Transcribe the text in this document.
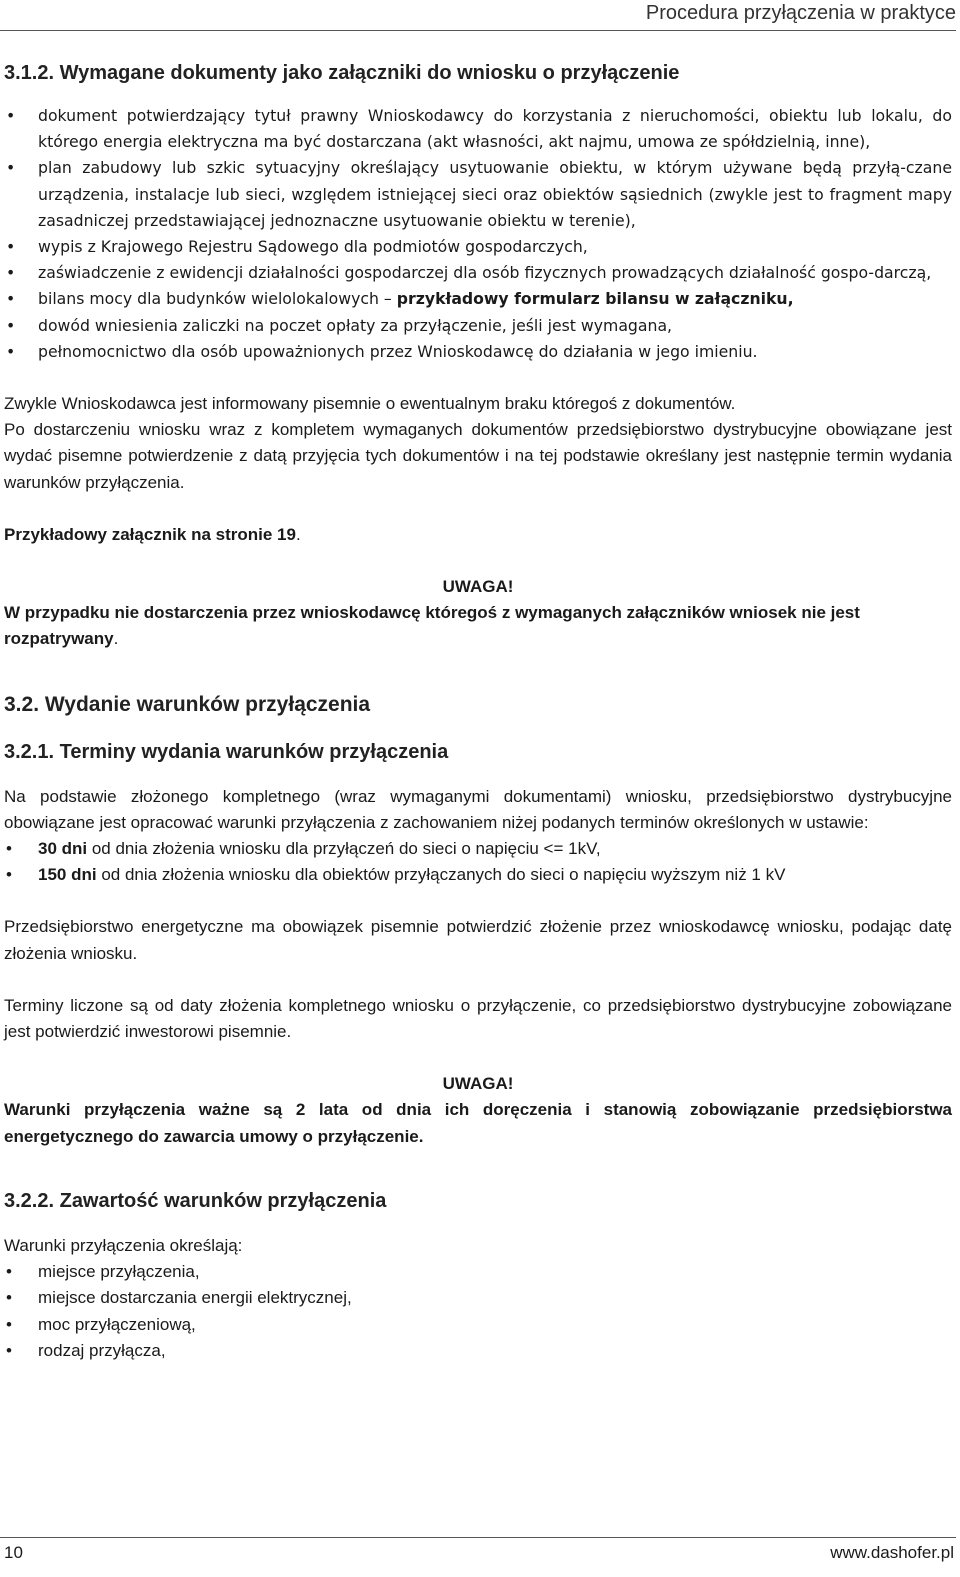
Procedura przyłączenia w praktyce
3.1.2. Wymagane dokumenty jako załączniki do wniosku o przyłączenie
• dokument potwierdzający tytuł prawny Wnioskodawcy do korzystania z nieruchomości, obiektu lub lokalu, do którego energia elektryczna ma być dostarczana (akt własności, akt najmu, umowa ze spółdzielnią, inne),
• plan zabudowy lub szkic sytuacyjny określający usytuowanie obiektu, w którym używane będą przyłą-czane urządzenia, instalacje lub sieci, względem istniejącej sieci oraz obiektów sąsiednich (zwykle jest to fragment mapy zasadniczej przedstawiającej jednoznaczne usytuowanie obiektu w terenie),
• wypis z Krajowego Rejestru Sądowego dla podmiotów gospodarczych,
• zaświadczenie z ewidencji działalności gospodarczej dla osób fizycznych prowadzących działalność gospo-darczą,
• bilans mocy dla budynków wielolokalowych – przykładowy formularz bilansu w załączniku,
• dowód wniesienia zaliczki na poczet opłaty za przyłączenie, jeśli jest wymagana,
• pełnomocnictwo dla osób upoważnionych przez Wnioskodawcę do działania w jego imieniu.

Zwykle Wnioskodawca jest informowany pisemnie o ewentualnym braku któregoś z dokumentów.

Po dostarczeniu wniosku wraz z kompletem wymaganych dokumentów przedsiębiorstwo dystrybucyjne obowiązane jest wydać pisemne potwierdzenie z datą przyjęcia tych dokumentów i na tej podstawie określany jest następnie termin wydania warunków przyłączenia.

Przykładowy załącznik na stronie 19.

UWAGA!

W przypadku nie dostarczenia przez wnioskodawcę któregoś z wymaganych załączników wniosek nie jest rozpatrywany.

3.2. Wydanie warunków przyłączenia
3.2.1. Terminy wydania warunków przyłączenia

Na podstawie złożonego kompletnego (wraz wymaganymi dokumentami) wniosku, przedsiębiorstwo dystrybucyjne obowiązane jest opracować warunki przyłączenia z zachowaniem niżej podanych terminów określonych w ustawie:

• 30 dni od dnia złożenia wniosku dla przyłączeń do sieci o napięciu <= 1kV,
• 150 dni od dnia złożenia wniosku dla obiektów przyłączanych do sieci o napięciu wyższym niż 1 kV

Przedsiębiorstwo energetyczne ma obowiązek pisemnie potwierdzić złożenie przez wnioskodawcę wniosku, podając datę złożenia wniosku.

Terminy liczone są od daty złożenia kompletnego wniosku o przyłączenie, co przedsiębiorstwo dystrybucyjne zobowiązane jest potwierdzić inwestorowi pisemnie.

UWAGA!

Warunki przyłączenia ważne są 2 lata od dnia ich doręczenia i stanowią zobowiązanie przedsiębiorstwa energetycznego do zawarcia umowy o przyłączenie.

3.2.2. Zawartość warunków przyłączenia

Warunki przyłączenia określają:

• miejsce przyłączenia,
• miejsce dostarczania energii elektrycznej,
• moc przyłączeniową,
• rodzaj przyłącza,
10	www.dashofer.pl
